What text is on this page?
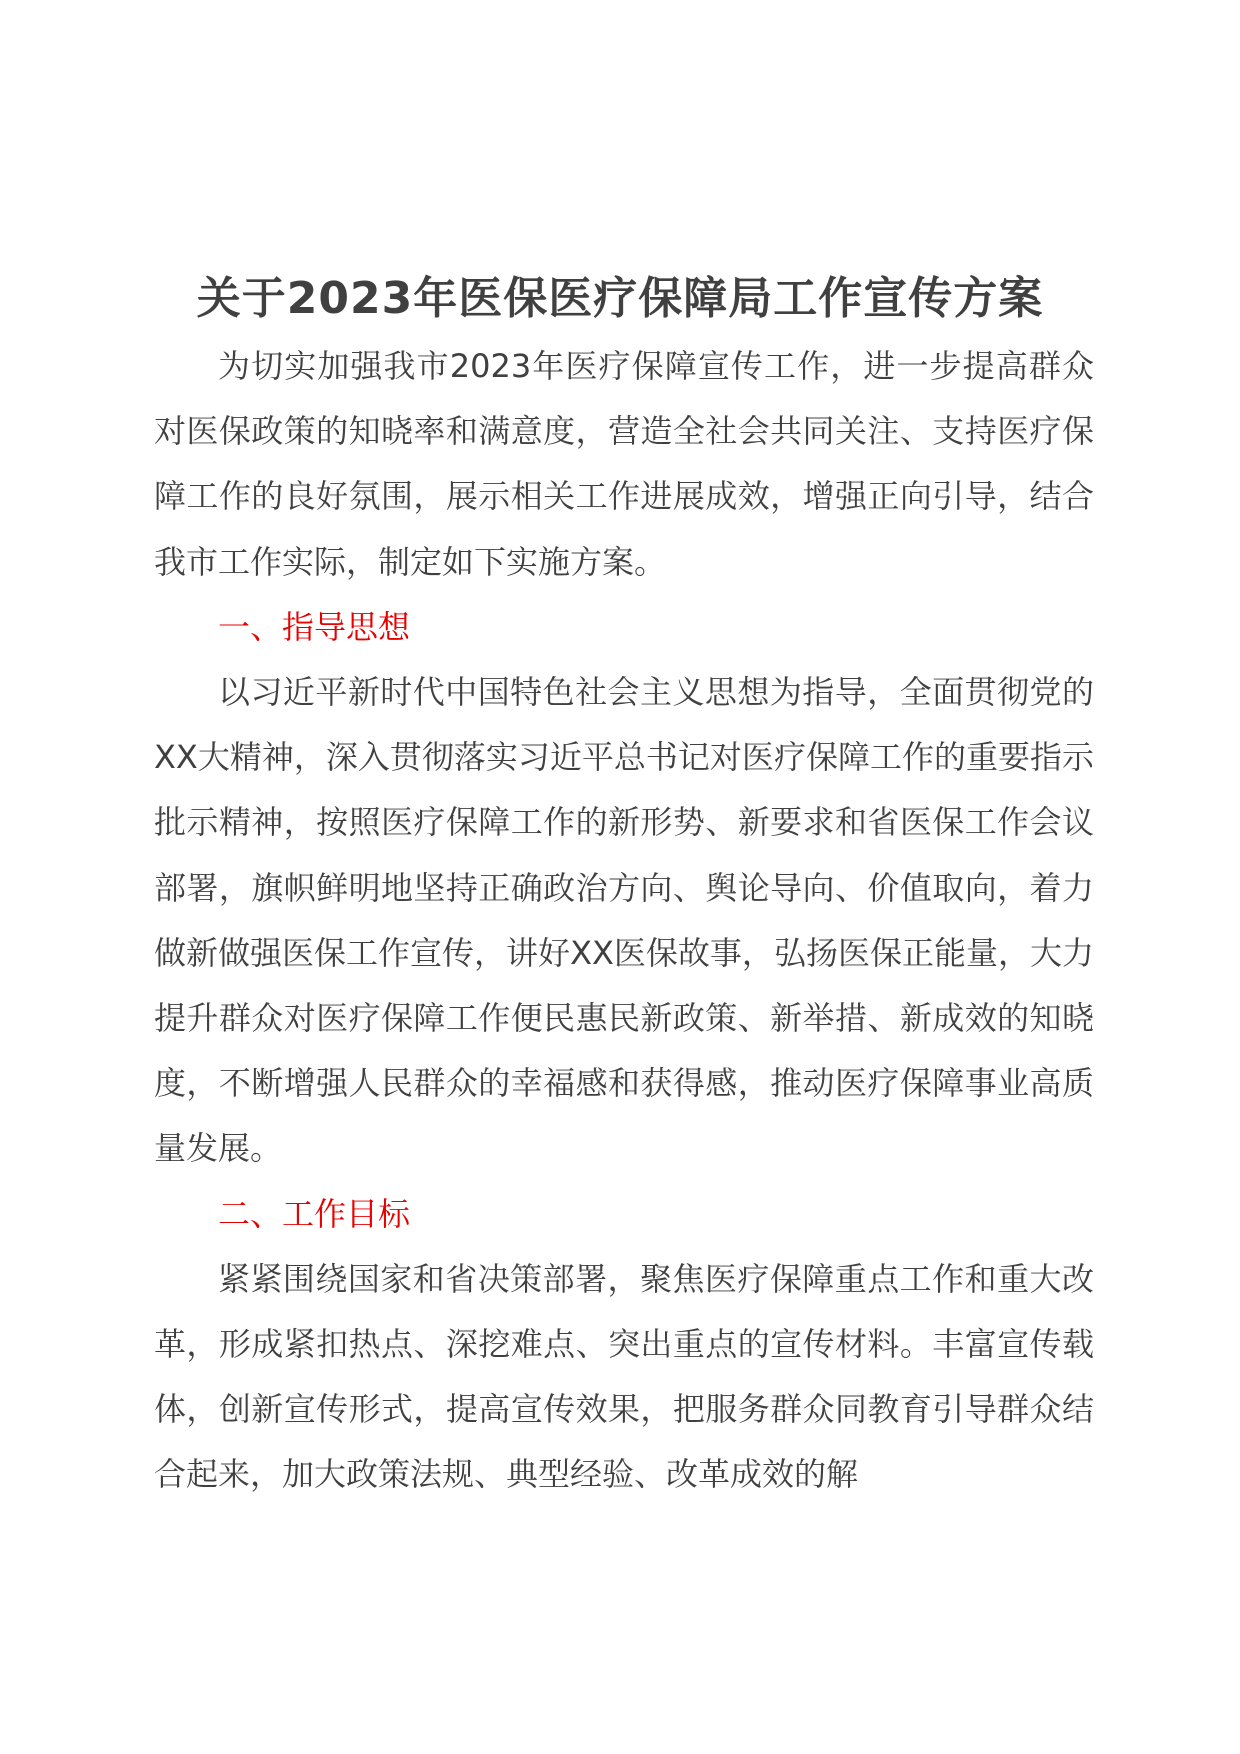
关于2023年医保医疗保障局工作宣传方案

为切实加强我市2023年医疗保障宣传工作，进一步提高群众对医保政策的知晓率和满意度，营造全社会共同关注、支持医疗保障工作的良好氛围，展示相关工作进展成效，增强正向引导，结合我市工作实际，制定如下实施方案。

一、指导思想

以习近平新时代中国特色社会主义思想为指导，全面贯彻党的XX大精神，深入贯彻落实习近平总书记对医疗保障工作的重要指示批示精神，按照医疗保障工作的新形势、新要求和省医保工作会议部署，旗帜鲜明地坚持正确政治方向、舆论导向、价值取向，着力做新做强医保工作宣传，讲好XX医保故事，弘扬医保正能量，大力提升群众对医疗保障工作便民惠民新政策、新举措、新成效的知晓度，不断增强人民群众的幸福感和获得感，推动医疗保障事业高质量发展。

二、工作目标

紧紧围绕国家和省决策部署，聚焦医疗保障重点工作和重大改革，形成紧扣热点、深挖难点、突出重点的宣传材料。丰富宣传载体，创新宣传形式，提高宣传效果，把服务群众同教育引导群众结合起来，加大政策法规、典型经验、改革成效的解
